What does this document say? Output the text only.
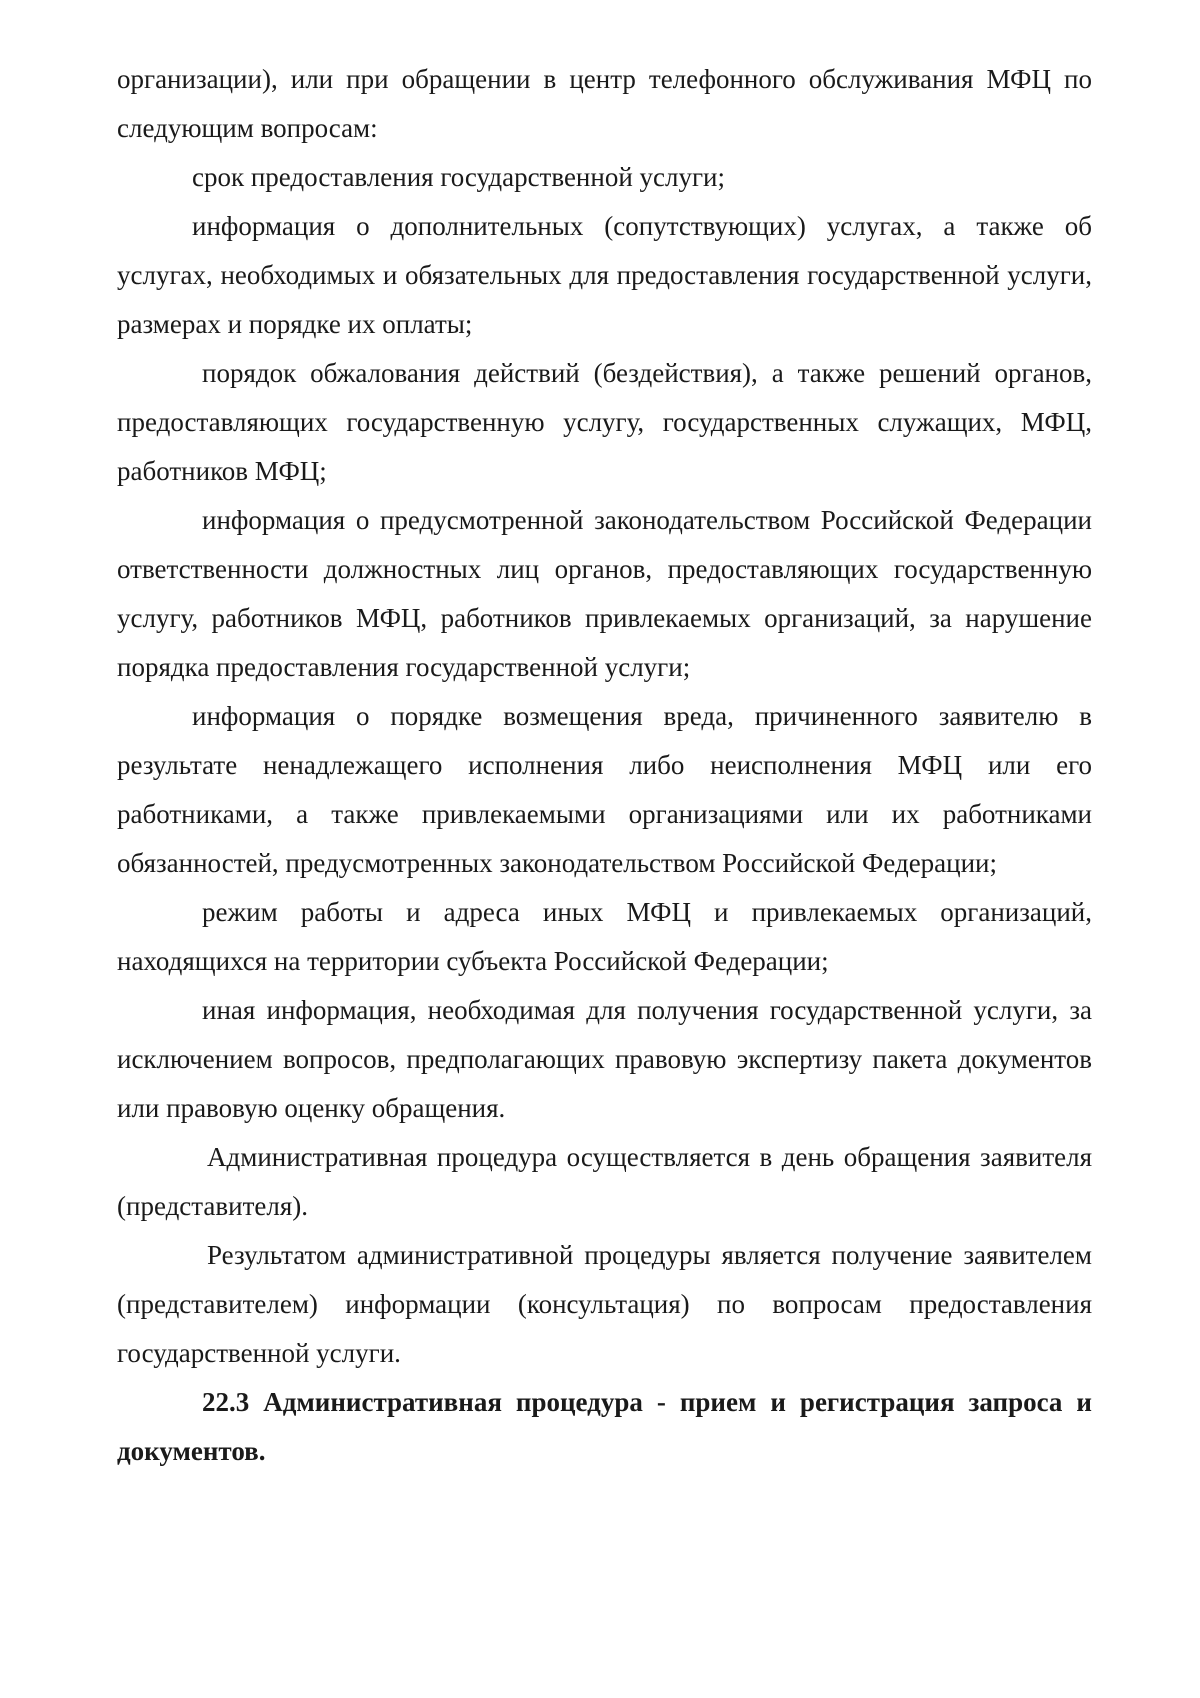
организации), или при обращении в центр телефонного обслуживания МФЦ по следующим вопросам:

срок предоставления государственной услуги;

информация о дополнительных (сопутствующих) услугах, а также об услугах, необходимых и обязательных для предоставления государственной услуги, размерах и порядке их оплаты;

порядок обжалования действий (бездействия), а также решений органов, предоставляющих государственную услугу, государственных служащих, МФЦ, работников МФЦ;

информация о предусмотренной законодательством Российской Федерации ответственности должностных лиц органов, предоставляющих государственную услугу, работников МФЦ, работников привлекаемых организаций, за нарушение порядка предоставления государственной услуги;

информация о порядке возмещения вреда, причиненного заявителю в результате ненадлежащего исполнения либо неисполнения МФЦ или его работниками, а также привлекаемыми организациями или их работниками обязанностей, предусмотренных законодательством Российской Федерации;

режим работы и адреса иных МФЦ и привлекаемых организаций, находящихся на территории субъекта Российской Федерации;

иная информация, необходимая для получения государственной услуги, за исключением вопросов, предполагающих правовую экспертизу пакета документов или правовую оценку обращения.

Административная процедура осуществляется в день обращения заявителя (представителя).

Результатом административной процедуры является получение заявителем (представителем) информации (консультация) по вопросам предоставления государственной услуги.

22.3 Административная процедура - прием и регистрация запроса и документов.
